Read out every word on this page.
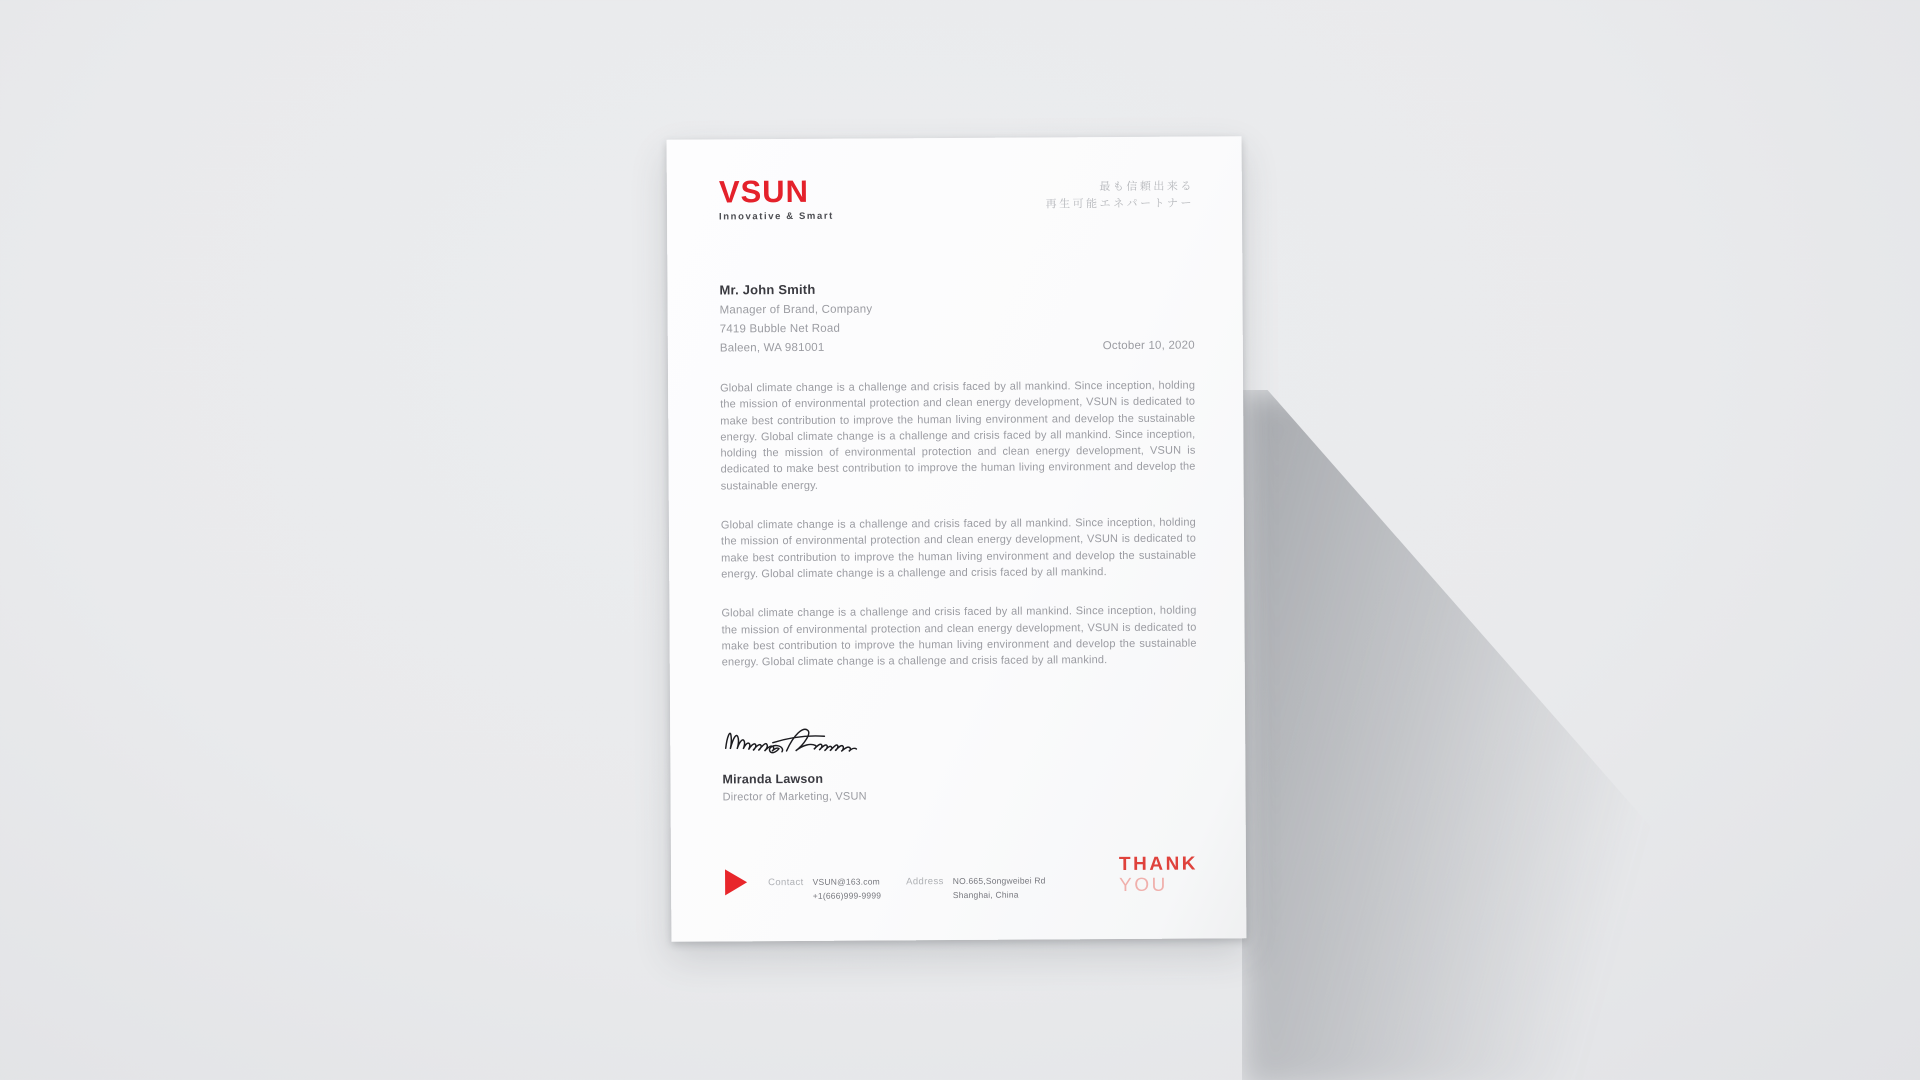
VSUN
Innovative & Smart
最も信頼出来る
再生可能エネパートナー
Mr. John Smith
Manager of Brand, Company
7419 Bubble Net Road
Baleen, WA 981001	October 10, 2020
Global climate change is a challenge and crisis faced by all mankind. Since inception, holding the mission of environmental protection and clean energy development, VSUN is dedicated to make best contribution to improve the human living environment and develop the sustainable energy. Global climate change is a challenge and crisis faced by all mankind. Since inception, holding the mission of environmental protection and clean energy development, VSUN is dedicated to make best contribution to improve the human living environment and develop the sustainable energy.
Global climate change is a challenge and crisis faced by all mankind. Since inception, holding the mission of environmental protection and clean energy development, VSUN is dedicated to make best contribution to improve the human living environment and develop the sustainable energy. Global climate change is a challenge and crisis faced by all mankind.
Global climate change is a challenge and crisis faced by all mankind. Since inception, holding the mission of environmental protection and clean energy development, VSUN is dedicated to make best contribution to improve the human living environment and develop the sustainable energy. Global climate change is a challenge and crisis faced by all mankind.
Miranda Lawson
Director of Marketing, VSUN
Contact VSUN@163.com
+1(666)999-9999
Address NO.665,Songweibei Rd
Shanghai, China
THANK
YOU
